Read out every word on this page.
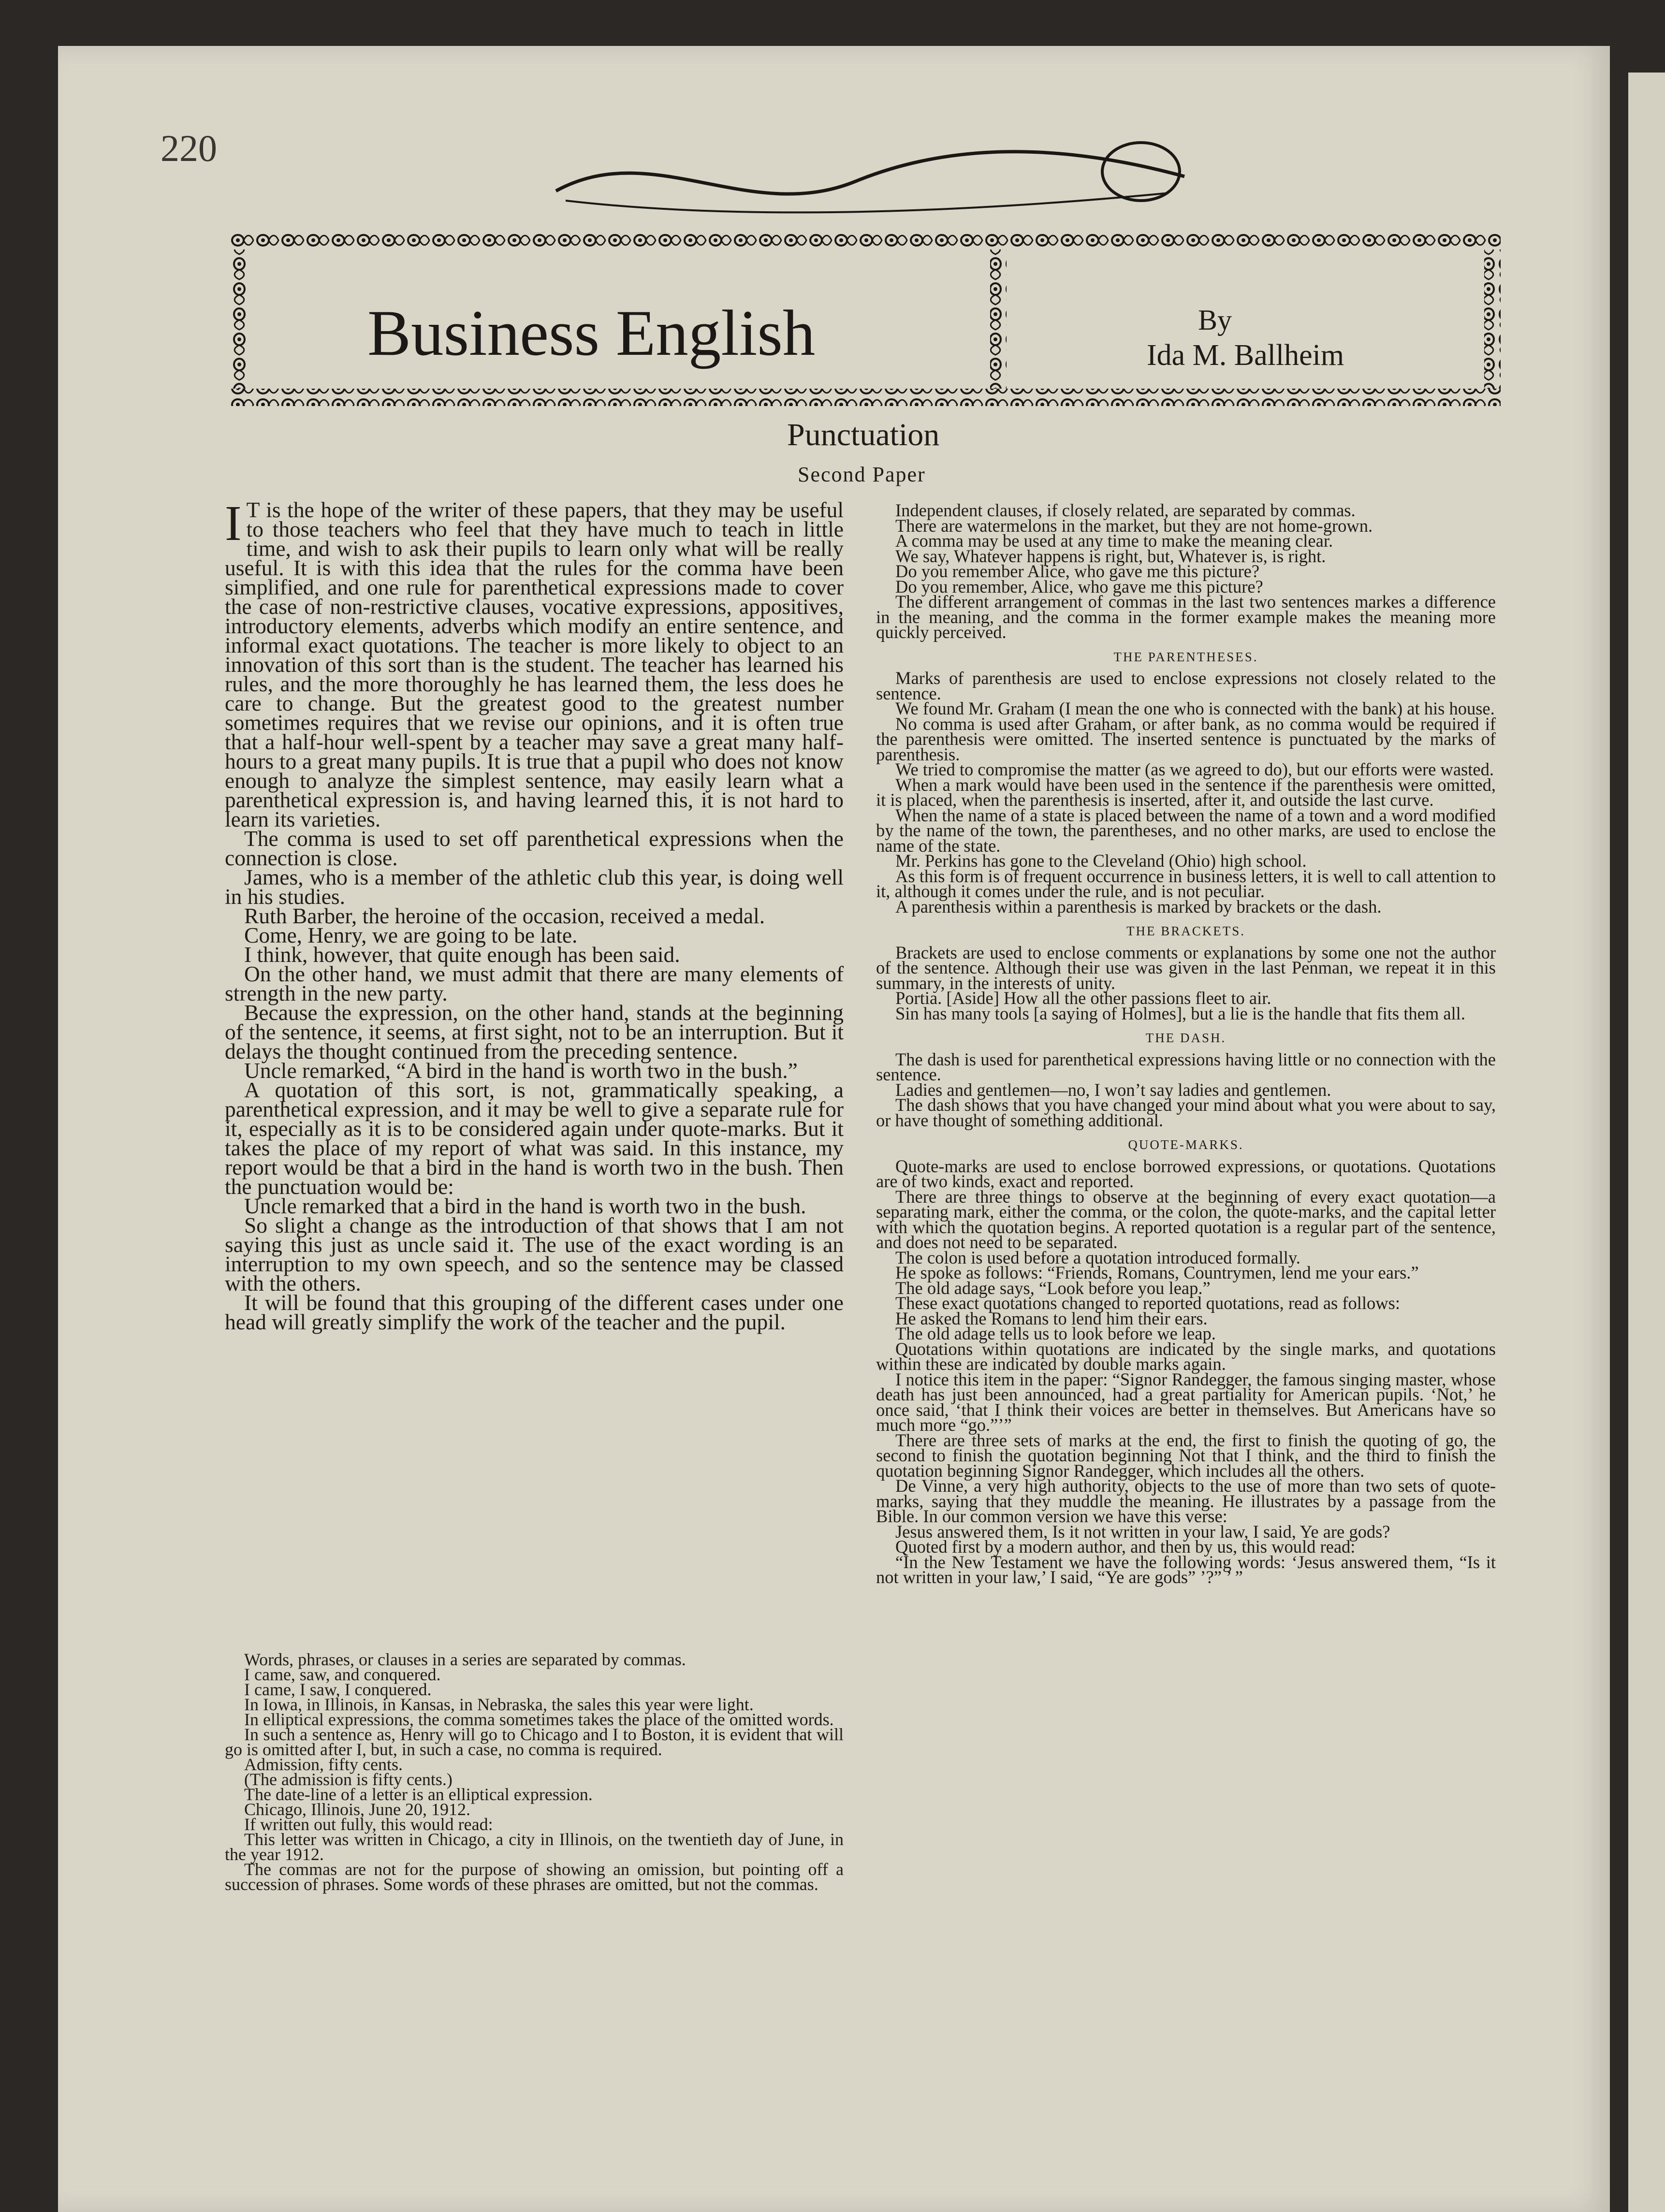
220
Business English	By
Ida M. Ballheim
Punctuation
Second Paper

I T is the hope of the writer of these papers, that they may be useful to those teachers who feel that they have much to teach in little time, and wish to ask their pupils to learn only what will be really useful. It is with this idea that the rules for the comma have been simplified, and one rule for parenthetical expressions made to cover the case of non-restrictive clauses, vocative expressions, appositives, introductory elements, adverbs which modify an entire sentence, and informal exact quotations. The teacher is more likely to object to an innovation of this sort than is the student. The teacher has learned his rules, and the more thoroughly he has learned them, the less does he care to change. But the greatest good to the greatest number sometimes requires that we revise our opinions, and it is often true that a half-hour well-spent by a teacher may save a great many half-hours to a great many pupils. It is true that a pupil who does not know enough to analyze the simplest sentence, may easily learn what a parenthetical expression is, and having learned this, it is not hard to learn its varieties.

The comma is used to set off parenthetical expressions when the connection is close.

James, who is a member of the athletic club this year, is doing well in his studies.

Ruth Barber, the heroine of the occasion, received a medal.

Come, Henry, we are going to be late.

I think, however, that quite enough has been said.

On the other hand, we must admit that there are many elements of strength in the new party.

Because the expression, on the other hand, stands at the beginning of the sentence, it seems, at first sight, not to be an interruption. But it delays the thought continued from the preceding sentence.

Uncle remarked, “A bird in the hand is worth two in the bush.”

A quotation of this sort, is not, grammatically speaking, a parenthetical expression, and it may be well to give a separate rule for it, especially as it is to be considered again under quote-marks. But it takes the place of my report of what was said. In this instance, my report would be that a bird in the hand is worth two in the bush. Then the punctuation would be:

Uncle remarked that a bird in the hand is worth two in the bush.

So slight a change as the introduction of that shows that I am not saying this just as uncle said it. The use of the exact wording is an interruption to my own speech, and so the sentence may be classed with the others.

It will be found that this grouping of the different cases under one head will greatly simplify the work of the teacher and the pupil.

Words, phrases, or clauses in a series are separated by commas.

I came, saw, and conquered.

I came, I saw, I conquered.

In Iowa, in Illinois, in Kansas, in Nebraska, the sales this year were light.

In elliptical expressions, the comma sometimes takes the place of the omitted words.

In such a sentence as, Henry will go to Chicago and I to Boston, it is evident that will go is omitted after I, but, in such a case, no comma is required.

Admission, fifty cents.

(The admission is fifty cents.)

The date-line of a letter is an elliptical expression.

Chicago, Illinois, June 20, 1912.

If written out fully, this would read:

This letter was written in Chicago, a city in Illinois, on the twentieth day of June, in the year 1912.

The commas are not for the purpose of showing an omission, but pointing off a succession of phrases. Some words of these phrases are omitted, but not the commas.

Independent clauses, if closely related, are separated by commas.

There are watermelons in the market, but they are not home-grown.

A comma may be used at any time to make the meaning clear.

We say, Whatever happens is right, but, Whatever is, is right.

Do you remember Alice, who gave me this picture?

Do you remember, Alice, who gave me this picture?

The different arrangement of commas in the last two sentences markes a difference in the meaning, and the comma in the former example makes the meaning more quickly perceived.

THE PARENTHESES.

Marks of parenthesis are used to enclose expressions not closely related to the sentence.

We found Mr. Graham (I mean the one who is connected with the bank) at his house.

No comma is used after Graham, or after bank, as no comma would be required if the parenthesis were omitted. The inserted sentence is punctuated by the marks of parenthesis.

We tried to compromise the matter (as we agreed to do), but our efforts were wasted.

When a mark would have been used in the sentence if the parenthesis were omitted, it is placed, when the parenthesis is inserted, after it, and outside the last curve.

When the name of a state is placed between the name of a town and a word modified by the name of the town, the parentheses, and no other marks, are used to enclose the name of the state.

Mr. Perkins has gone to the Cleveland (Ohio) high school.

As this form is of frequent occurrence in business letters, it is well to call attention to it, although it comes under the rule, and is not peculiar.

A parenthesis within a parenthesis is marked by brackets or the dash.

THE BRACKETS.

Brackets are used to enclose comments or explanations by some one not the author of the sentence. Although their use was given in the last Penman, we repeat it in this summary, in the interests of unity.

Portia. [Aside] How all the other passions fleet to air.

Sin has many tools [a saying of Holmes], but a lie is the handle that fits them all.

THE DASH.

The dash is used for parenthetical expressions having little or no connection with the sentence.

Ladies and gentlemen—no, I won’t say ladies and gentlemen.

The dash shows that you have changed your mind about what you were about to say, or have thought of something additional.

QUOTE-MARKS.

Quote-marks are used to enclose borrowed expressions, or quotations. Quotations are of two kinds, exact and reported.

There are three things to observe at the beginning of every exact quotation—a separating mark, either the comma, or the colon, the quote-marks, and the capital letter with which the quotation begins. A reported quotation is a regular part of the sentence, and does not need to be separated.

The colon is used before a quotation introduced formally.

He spoke as follows: “Friends, Romans, Countrymen, lend me your ears.”

The old adage says, “Look before you leap.”

These exact quotations changed to reported quotations, read as follows:

He asked the Romans to lend him their ears.

The old adage tells us to look before we leap.

Quotations within quotations are indicated by the single marks, and quotations within these are indicated by double marks again.

I notice this item in the paper: “Signor Randegger, the famous singing master, whose death has just been announced, had a great partiality for American pupils. ‘Not,’ he once said, ‘that I think their voices are better in themselves. But Americans have so much more “go.”’”

There are three sets of marks at the end, the first to finish the quoting of go, the second to finish the quotation beginning Not that I think, and the third to finish the quotation beginning Signor Randegger, which includes all the others.

De Vinne, a very high authority, objects to the use of more than two sets of quote-marks, saying that they muddle the meaning. He illustrates by a passage from the Bible. In our common version we have this verse:

Jesus answered them, Is it not written in your law, I said, Ye are gods?

Quoted first by a modern author, and then by us, this would read:

“In the New Testament we have the following words: ‘Jesus answered them, “Is it not written in your law,’ I said, “Ye are gods” ’?” ’ ”
